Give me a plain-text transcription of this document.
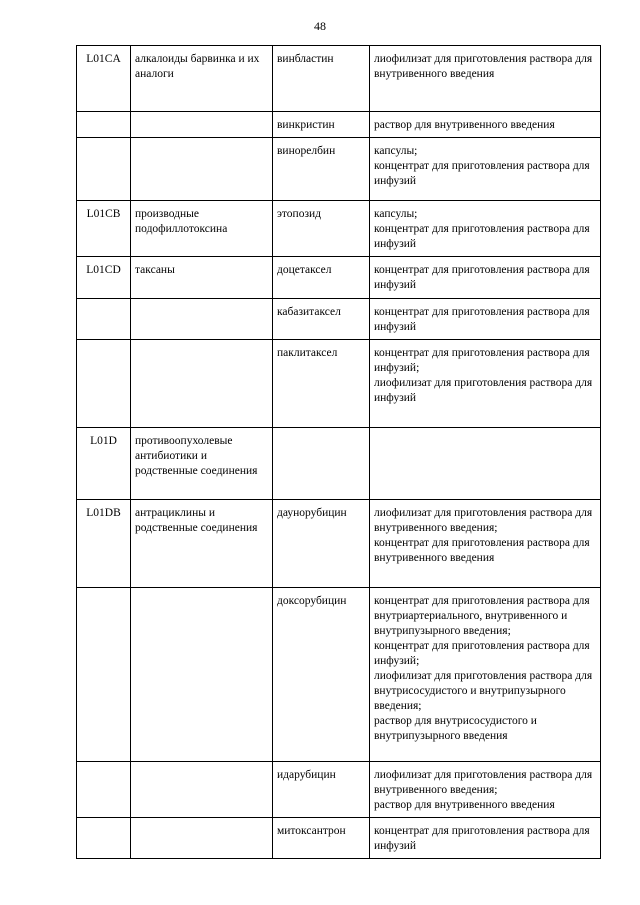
48
L01CA	алкалоиды барвинка и их аналоги	винбластин	лиофилизат для приготовления раствора для внутривенного введения
		винкристин	раствор для внутривенного введения
		винорелбин	капсулы;
концентрат для приготовления раствора для инфузий
L01CB	производные подофиллотоксина	этопозид	капсулы;
концентрат для приготовления раствора для инфузий
L01CD	таксаны	доцетаксел	концентрат для приготовления раствора для инфузий
		кабазитаксел	концентрат для приготовления раствора для инфузий
		паклитаксел	концентрат для приготовления раствора для инфузий;
лиофилизат для приготовления раствора для инфузий
L01D	противоопухолевые антибиотики и родственные соединения		
L01DB	антрациклины и родственные соединения	даунорубицин	лиофилизат для приготовления раствора для внутривенного введения;
концентрат для приготовления раствора для внутривенного введения
		доксорубицин	концентрат для приготовления раствора для внутриартериального, внутривенного и внутрипузырного введения;
концентрат для приготовления раствора для инфузий;
лиофилизат для приготовления раствора для внутрисосудистого и внутрипузырного введения;
раствор для внутрисосудистого и внутрипузырного введения
		идарубицин	лиофилизат для приготовления раствора для внутривенного введения;
раствор для внутривенного введения
		митоксантрон	концентрат для приготовления раствора для инфузий
